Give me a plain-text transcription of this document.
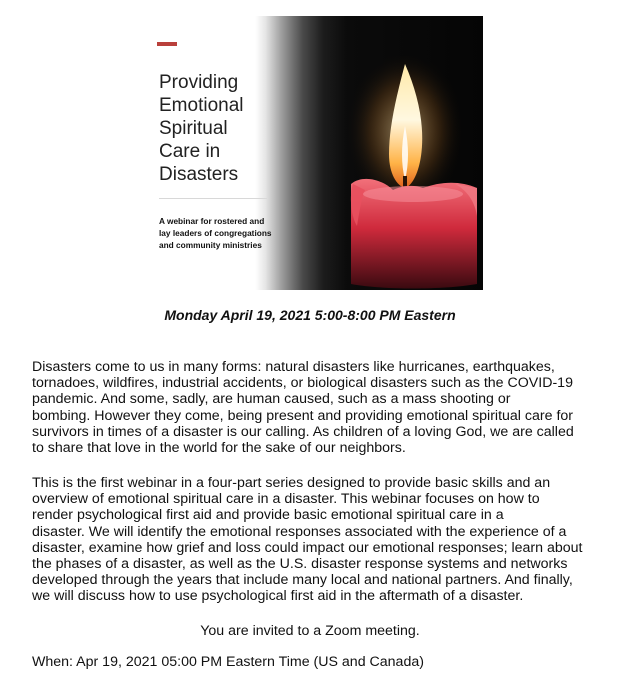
Providing
Emotional
Spiritual
Care in
Disasters
A webinar for rostered and
lay leaders of congregations
and community ministries
Monday April 19, 2021 5:00-8:00 PM Eastern
Disasters come to us in many forms: natural disasters like hurricanes, earthquakes,
tornadoes, wildfires, industrial accidents, or biological disasters such as the COVID-19
pandemic. And some, sadly, are human caused, such as a mass shooting or
bombing. However they come, being present and providing emotional spiritual care for
survivors in times of a disaster is our calling. As children of a loving God, we are called
to share that love in the world for the sake of our neighbors.
This is the first webinar in a four-part series designed to provide basic skills and an
overview of emotional spiritual care in a disaster. This webinar focuses on how to
render psychological first aid and provide basic emotional spiritual care in a
disaster. We will identify the emotional responses associated with the experience of a
disaster, examine how grief and loss could impact our emotional responses; learn about
the phases of a disaster, as well as the U.S. disaster response systems and networks
developed through the years that include many local and national partners. And finally,
we will discuss how to use psychological first aid in the aftermath of a disaster.
You are invited to a Zoom meeting.
When: Apr 19, 2021 05:00 PM Eastern Time (US and Canada)
